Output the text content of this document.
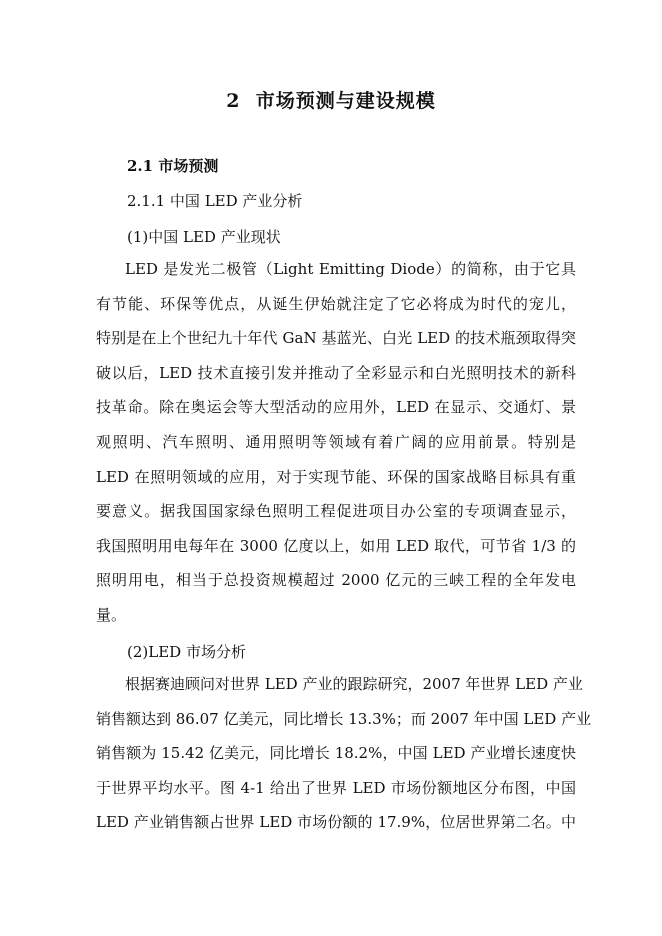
2  市场预测与建设规模
2.1 市场预测
2.1.1 中国 LED 产业分析
(1)中国 LED 产业现状
LED 是发光二极管（Light Emitting Diode）的简称，由于它具
有节能、环保等优点，从诞生伊始就注定了它必将成为时代的宠儿，
特别是在上个世纪九十年代 GaN 基蓝光、白光 LED 的技术瓶颈取得突
破以后，LED 技术直接引发并推动了全彩显示和白光照明技术的新科
技革命。除在奥运会等大型活动的应用外，LED 在显示、交通灯、景
观照明、汽车照明、通用照明等领域有着广阔的应用前景。特别是
LED 在照明领域的应用，对于实现节能、环保的国家战略目标具有重
要意义。据我国国家绿色照明工程促进项目办公室的专项调查显示，
我国照明用电每年在 3000 亿度以上，如用 LED 取代，可节省 1/3 的
照明用电，相当于总投资规模超过 2000 亿元的三峡工程的全年发电
量。
(2)LED 市场分析
根据赛迪顾问对世界 LED 产业的跟踪研究，2007 年世界 LED 产业
销售额达到 86.07 亿美元，同比增长 13.3%；而 2007 年中国 LED 产业
销售额为 15.42 亿美元，同比增长 18.2%，中国 LED 产业增长速度快
于世界平均水平。图 4-1 给出了世界 LED 市场份额地区分布图，中国
LED 产业销售额占世界 LED 市场份额的 17.9%，位居世界第二名。中
